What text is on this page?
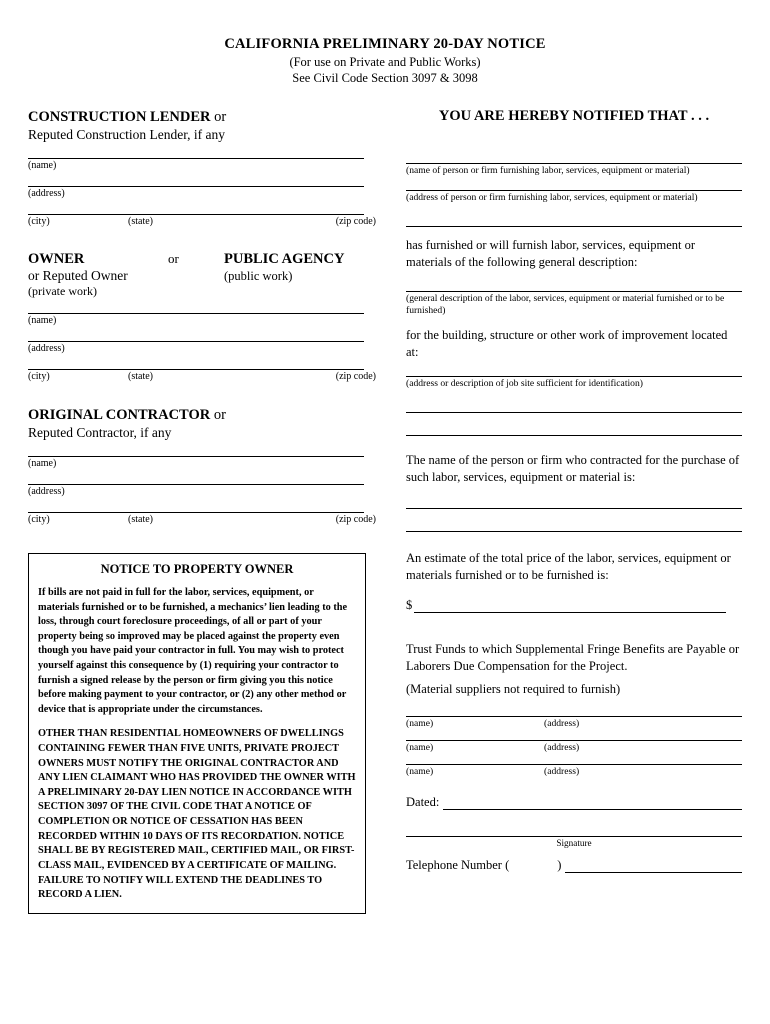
CALIFORNIA PRELIMINARY 20-DAY NOTICE
(For use on Private and Public Works)
See Civil Code Section 3097 & 3098
CONSTRUCTION LENDER or
Reputed Construction Lender, if any
(name)
(address)
(city)	(state)	(zip code)
OWNER	or	PUBLIC AGENCY
or Reputed Owner	(public work)
(private work)
(name)
(address)
(city)	(state)	(zip code)
ORIGINAL CONTRACTOR or
Reputed Contractor, if any
(name)
(address)
(city)	(state)	(zip code)
NOTICE TO PROPERTY OWNER
If bills are not paid in full for the labor, services, equipment, or materials furnished or to be furnished, a mechanics’ lien leading to the loss, through court foreclosure proceedings, of all or part of your property being so improved may be placed against the property even though you have paid your contractor in full. You may wish to protect yourself against this consequence by (1) requiring your contractor to furnish a signed release by the person or firm giving you this notice before making payment to your contractor, or (2) any other method or device that is appropriate under the circumstances.
OTHER THAN RESIDENTIAL HOMEOWNERS OF DWELLINGS CONTAINING FEWER THAN FIVE UNITS, PRIVATE PROJECT OWNERS MUST NOTIFY THE ORIGINAL CONTRACTOR AND ANY LIEN CLAIMANT WHO HAS PROVIDED THE OWNER WITH A PRELIMINARY 20-DAY LIEN NOTICE IN ACCORDANCE WITH SECTION 3097 OF THE CIVIL CODE THAT A NOTICE OF COMPLETION OR NOTICE OF CESSATION HAS BEEN RECORDED WITHIN 10 DAYS OF ITS RECORDATION. NOTICE SHALL BE BY REGISTERED MAIL, CERTIFIED MAIL, OR FIRST-CLASS MAIL, EVIDENCED BY A CERTIFICATE OF MAILING. FAILURE TO NOTIFY WILL EXTEND THE DEADLINES TO RECORD A LIEN.
YOU ARE HEREBY NOTIFIED THAT . . .
(name of person or firm furnishing labor, services, equipment or material)
(address of person or firm furnishing labor, services, equipment or material)
has furnished or will furnish labor, services, equipment or materials of the following general description:
(general description of the labor, services, equipment or material furnished or to be furnished)
for the building, structure or other work of improvement located at:
(address or description of job site sufficient for identification)
The name of the person or firm who contracted for the purchase of such labor, services, equipment or material is:
An estimate of the total price of the labor, services, equipment or materials furnished or to be furnished is:
$
Trust Funds to which Supplemental Fringe Benefits are Payable or Laborers Due Compensation for the Project.
(Material suppliers not required to furnish)
(name)	(address)
(name)	(address)
(name)	(address)
Dated:
Signature
Telephone Number (	)
